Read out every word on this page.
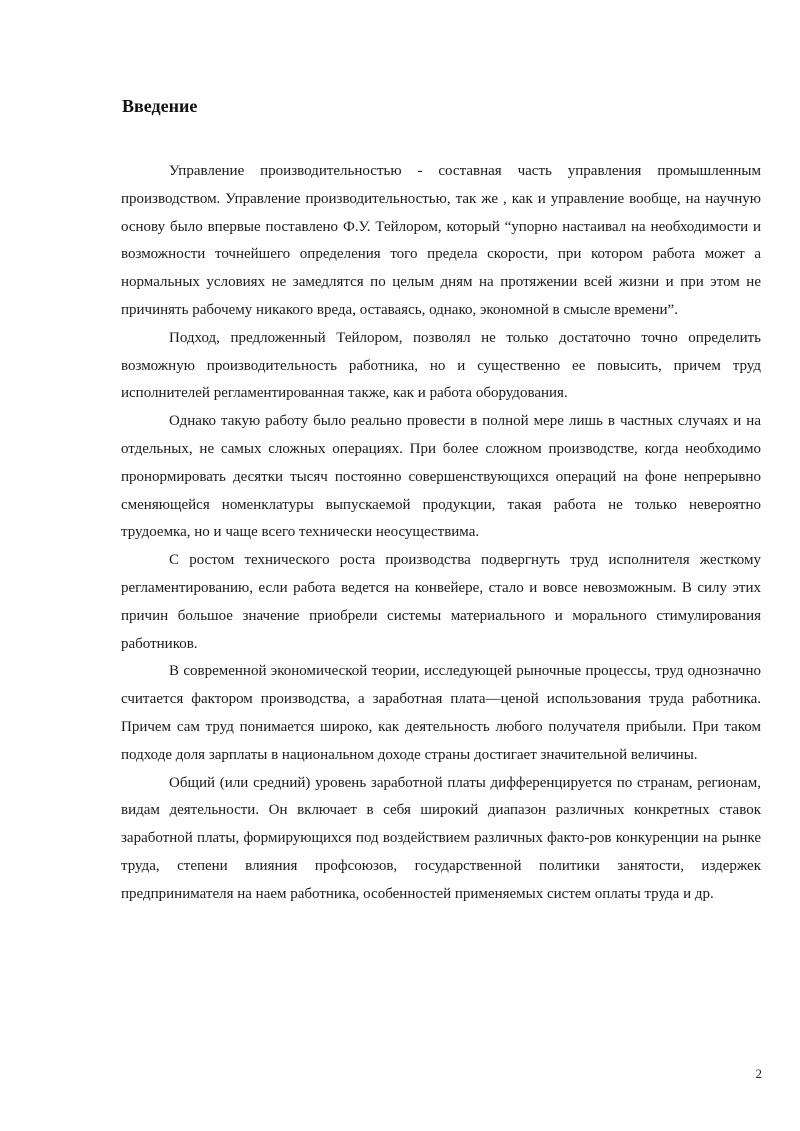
Введение

Управление производительностью - составная часть управления промышленным производством. Управление производительностью, так же , как и управление вообще, на научную основу было впервые поставлено Ф.У. Тейлором, который “упорно настаивал на необходимости и возможности точнейшего определения того предела скорости, при котором работа может а нормальных условиях не замедлятся по целым дням на протяжении всей жизни и при этом не причинять рабочему никакого вреда, оставаясь, однако, экономной в смысле времени”.

Подход, предложенный Тейлором, позволял не только достаточно точно определить возможную производительность работника, но и существенно ее повысить, причем труд исполнителей регламентированная также, как и работа оборудования.

Однако такую работу было реально провести в полной мере лишь в частных случаях и на отдельных, не самых сложных операциях. При более сложном производстве, когда необходимо пронормировать десятки тысяч постоянно совершенствующихся операций на фоне непрерывно сменяющейся номенклатуры выпускаемой продукции, такая работа не только невероятно трудоемка, но и чаще всего технически неосуществима.

С ростом технического роста производства подвергнуть труд исполнителя жесткому регламентированию, если работа ведется на конвейере, стало и вовсе невозможным. В силу этих причин большое значение приобрели системы материального и морального стимулирования работников.

В современной экономической теории, исследующей рыночные процессы, труд однозначно считается фактором производства, а заработная плата—ценой использования труда работника. Причем сам труд понимается широко, как деятельность любого получателя прибыли. При таком подходе доля зарплаты в национальном доходе страны достигает значительной величины.

Общий (или средний) уровень заработной платы дифференцируется по странам, регионам, видам деятельности. Он включает в себя широкий диапазон различных конкретных ставок заработной платы, формирующихся под воздействием различных факто-ров конкуренции на рынке труда, степени влияния профсоюзов, государственной политики занятости, издержек предпринимателя на наем работника, особенностей применяемых систем оплаты труда и др.

2
